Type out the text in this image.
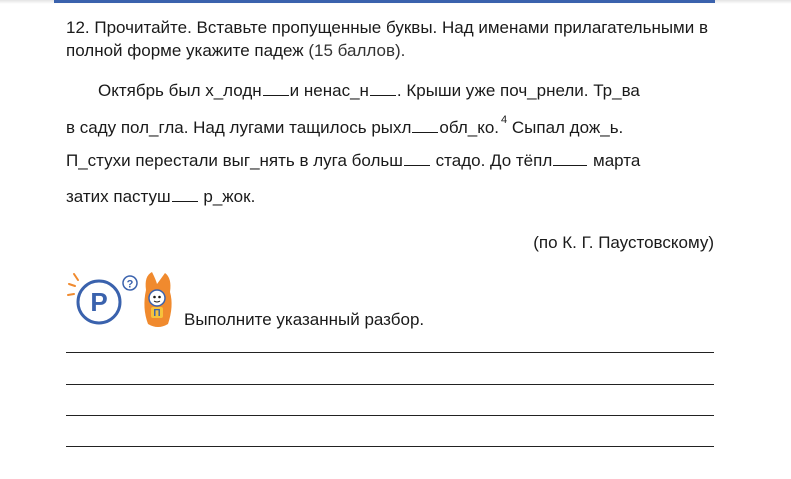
12. Прочитайте. Вставьте пропущенные буквы. Над именами прилагательными в полной форме укажите падеж (15 баллов).
Октябрь был х_лодн и ненас_н . Крыши уже поч_рнели. Тр_ва
в саду пол_гла. Над лугами тащилось рыхл обл_ко. $^4$ Сыпал дож_ь.
П_стухи перестали выг_нять в луга больш стадо. До тёпл марта
затих пастуш р_жок.
(по К. Г. Паустовскому)
Р
?
П Выполните указанный разбор.
